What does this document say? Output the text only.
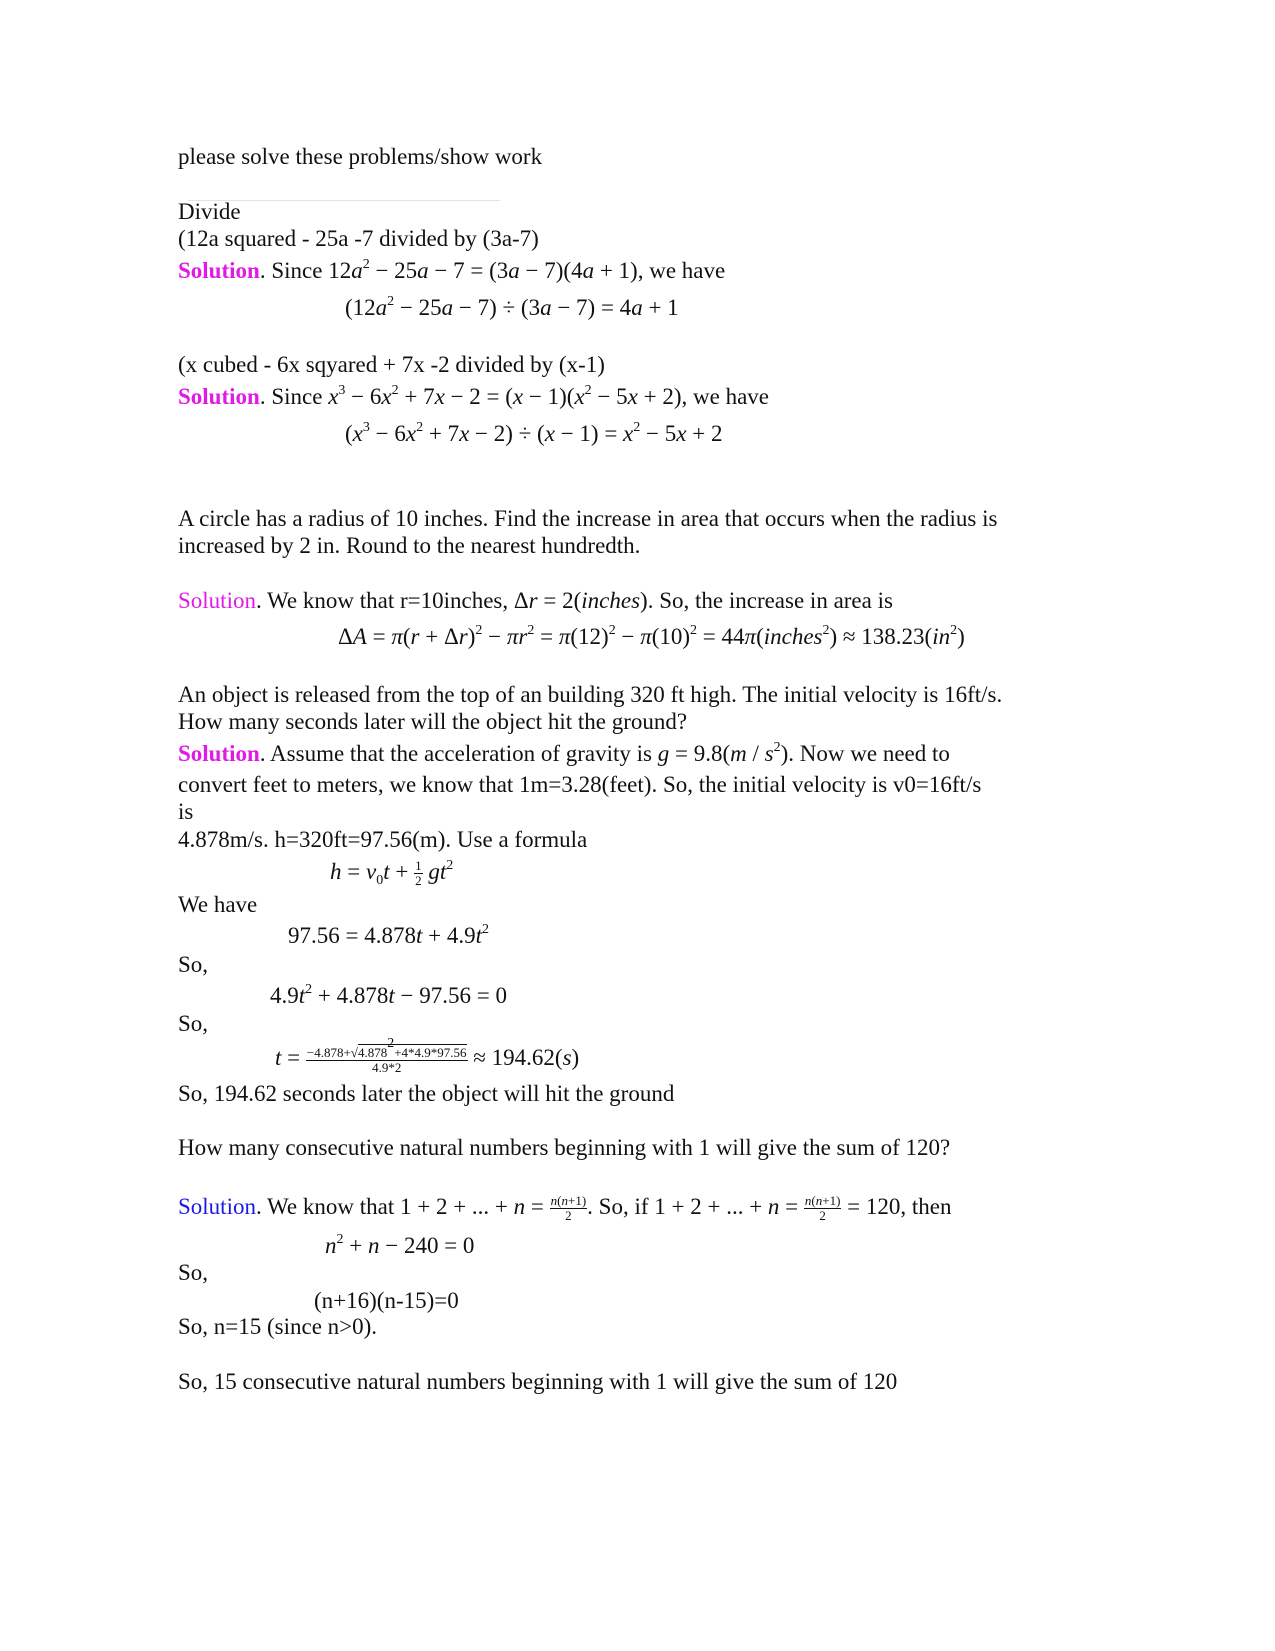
please solve these problems/show work
Divide
(12a squared - 25a -7 divided by (3a-7)
Solution. Since $12a^2 - 25a - 7 = (3a - 7)(4a + 1)$, we have
$(12a^2 - 25a - 7) \div (3a - 7) = 4a + 1$
(x cubed - 6x sqyared + 7x -2 divided by (x-1)
Solution. Since $x^3 - 6x^2 + 7x - 2 = (x - 1)(x^2 - 5x + 2)$, we have
$(x^3 - 6x^2 + 7x - 2) \div (x - 1) = x^2 - 5x + 2$
A circle has a radius of 10 inches. Find the increase in area that occurs when the radius is
increased by 2 in. Round to the nearest hundredth.
Solution. We know that r=10inches, Δr = 2(inches). So, the increase in area is
$\Delta A = \pi(r + \Delta r)^2 - \pi r^2 = \pi(12)^2 - \pi(10)^2$ = 44π(inches$^2$) ≈ $138.23(in^2)$
An object is released from the top of an building 320 ft high. The initial velocity is 16ft/s.
How many seconds later will the object hit the ground?
Solution. Assume that the acceleration of gravity is $g = 9.8(m / s^2)$. Now we need to
convert feet to meters, we know that 1m=3.28(feet). So, the initial velocity is v0=16ft/s
is
4.878m/s. h=320ft=97.56(m). Use a formula
$h = v_0t + \frac{1}{2} gt^2$
We have
$97.56 = 4.878t + 4.9t^2$
So,
$4.9t^2 + 4.878t - 97.56 = 0$
So,
$t = \frac{-4.878+√4.878^2+4*4.9*97.56}{4.9*2} \approx 194.62(s)$
So, 194.62 seconds later the object will hit the ground
How many consecutive natural numbers beginning with 1 will give the sum of 120?
Solution. We know that 1 + 2 + ... + $n = \frac{n(n+1)}{2}$ . So, if 1 + 2 + ... + $n = \frac{n(n+1)}{2} = 120$, then
$n^2 + n - 240 = 0$
So,
(n+16)(n-15)=0
So, n=15 (since n>0).
So, 15 consecutive natural numbers beginning with 1 will give the sum of 120
